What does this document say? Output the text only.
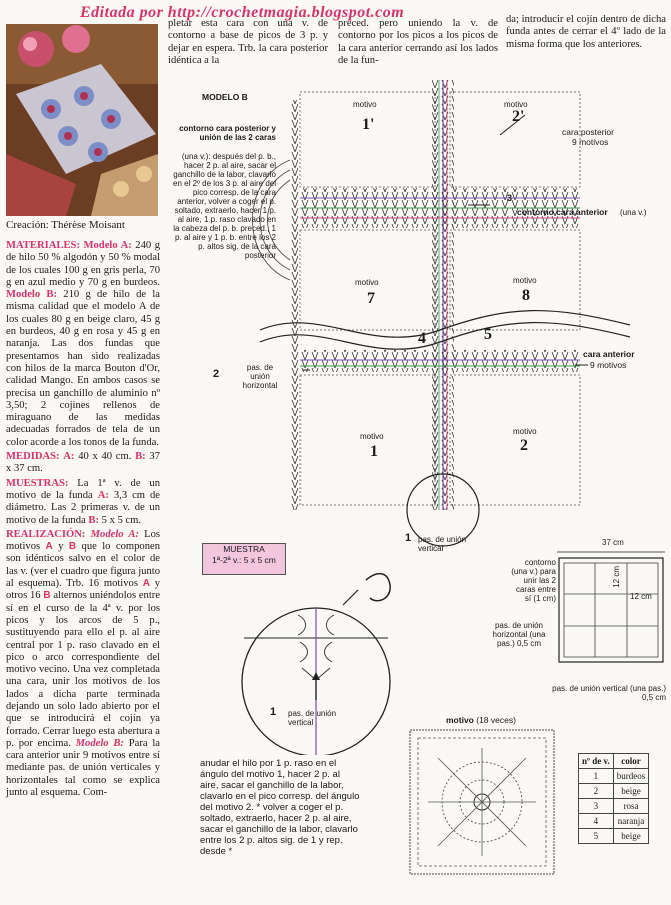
Editada por http://crochetmagia.blogspot.com
Creación: Thérèse Moisant

MATERIALES: Modelo A: 240 g de hilo 50 % algodón y 50 % modal de los cuales 100 g en gris perla, 70 g en azul medio y 70 g en burdeos. Modelo B: 210 g de hilo de la misma calidad que el modelo A de los cuales 80 g en beige claro, 45 g en burdeos, 40 g en rosa y 45 g en naranja. Las dos fundas que presentamos han sido realizadas con hilos de la marca Bouton d'Or, calidad Mango. En ambos casos se precisa un ganchillo de aluminio nº 3,50; 2 cojines rellenos de miraguano de las medidas adecuadas forrados de tela de un color acorde a los tonos de la funda.

MEDIDAS: A: 40 x 40 cm. B: 37 x 37 cm.

MUESTRAS: La 1ª v. de un motivo de la funda A: 3,3 cm de diámetro. Las 2 primeras v. de un motivo de la funda B: 5 x 5 cm.

REALIZACIÓN: Modelo A: Los motivos A y B que lo componen son idénticos salvo en el color de las v. (ver el cuadro que figura junto al esquema). Trb. 16 motivos A y otros 16 B alternos uniéndolos entre sí en el curso de la 4ª v. por los picos y los arcos de 5 p., sustituyendo para ello el p. al aire central por 1 p. raso clavado en el pico o arco correspondiente del motivo vecino. Una vez completada una cara, unir los motivos de los lados a dicha parte terminada dejando un solo lado abierto por el que se introducirá el cojín ya forrado. Cerrar luego esta abertura a p. por encima. Modelo B: Para la cara anterior unir 9 motivos entre sí mediante pas. de unión verticales y horizontales tal como se explica junto al esquema. Com-

pletar esta cara con una v. de contorno a base de picos de 3 p. y dejar en espera. Trb. la cara posterior idéntica a la
preced. pero uniendo la v. de contorno por los picos a los picos de la cara anterior cerrando así los lados de la fun-
da; introducir el cojín dentro de dicha funda antes de cerrar el 4º lado de la misma forma que los anteriores.
MODELO B
contorno cara posterior y unión de las 2 caras
(una v.): después del p. b., hacer 2 p. al aire, sacar el ganchillo de la labor, clavarlo en el 2º de los 3 p. al aire del pico corresp. de la cara anterior, volver a coger el p. soltado, extraerlo, hacer 1 p. al aire, 1 p. raso clavado en la cabeza del p. b. preced., 1 p. al aire y 1 p. b. entre los 2 p. altos sig. de la cara posterior
motivo
1'
motivo
2'
cara posterior
9 motivos
3
contorno cara anterior (una v.)
motivo
7
motivo
8
4	5
cara anterior
9 motivos
2
pas. de unión horizontal
motivo
1
motivo
2
1 pas. de unión vertical
MUESTRA
1ª-2ª v.: 5 x 5 cm
1 pas. de unión vertical
37 cm
12 cm
12 cm
contorno (una v.) para unir las 2 caras entre sí (1 cm)
pas. de unión horizontal (una pas.) 0,5 cm
pas. de unión vertical (una pas.) 0,5 cm
motivo (18 veces)
anudar el hilo por 1 p. raso en el ángulo del motivo 1, hacer 2 p. al aire, sacar el ganchillo de la labor, clavarlo en el pico corresp. del ángulo del motivo 2. * volver a coger el p. soltado, extraerlo, hacer 2 p. al aire, sacar el ganchillo de la labor, clavarlo entre los 2 p. altos sig. de 1 y rep. desde *
nº de v.	color
1	burdeos
2	beige
3	rosa
4	naranja
5	beige
